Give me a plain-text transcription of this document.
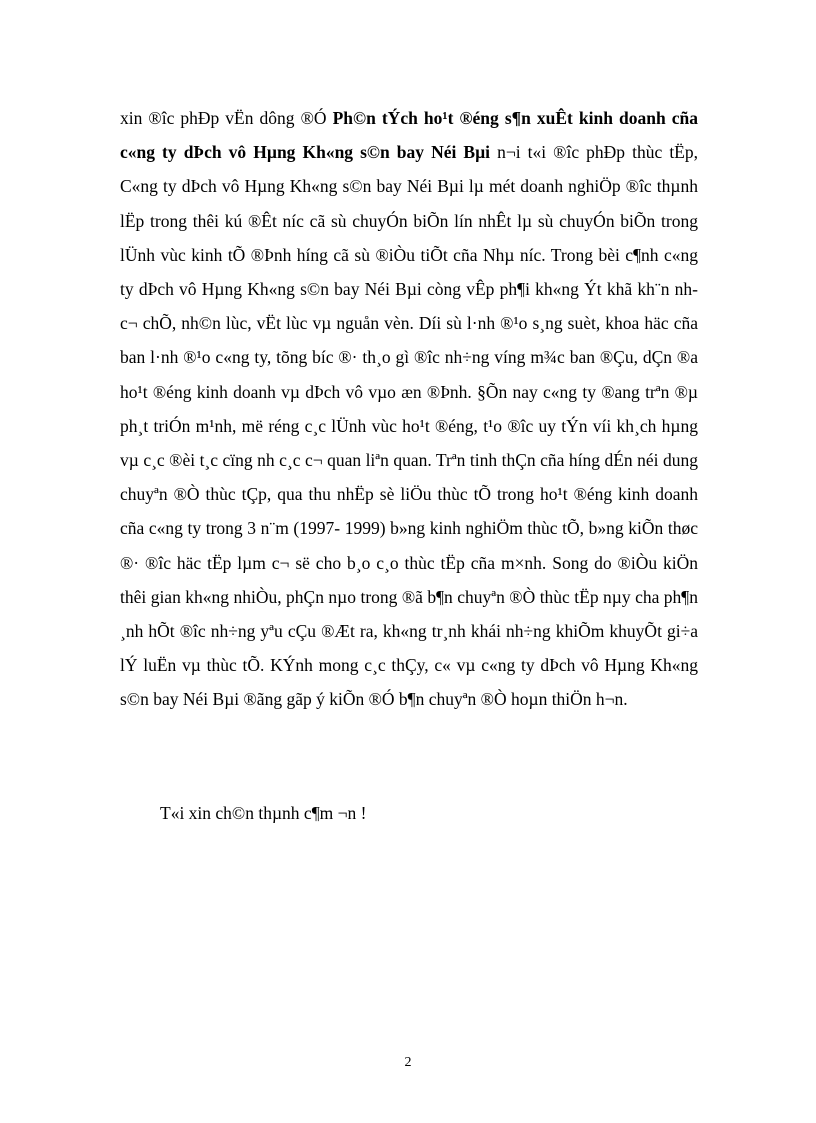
xin ®îc phÐp vËn dông ®Ó Ph©n tÝch ho¹t ®éng s¶n xuÊt kinh doanh cña c«ng ty dÞch vô Hµng Kh«ng s©n bay Néi Bµi n¬i t«i ®îc phÐp thùc tËp, C«ng ty dÞch vô Hµng Kh«ng s©n bay Néi Bµi lµ mét doanh nghiÖp ®îc thµnh lËp trong thêi kú ®Êt níc cã sù chuyÓn biÕn lín nhÊt lµ sù chuyÓn biÕn trong lÜnh vùc kinh tÕ ®Þnh híng cã sù ®iÒu tiÕt cña Nhµ níc. Trong bèi c¶nh c«ng ty dÞch vô Hµng Kh«ng s©n bay Néi Bµi còng vÊp ph¶i kh«ng Ýt khã kh¨n nh c¬ chÕ, nh©n lùc, vËt lùc vµ nguån vèn. Díi sù l·nh ®¹o s¸ng suèt, khoa häc cña ban l·nh ®¹o c«ng ty, tõng bíc ®· th¸o gì ®îc nh÷ng víng m¾c ban ®Çu, dÇn ®a ho¹t ®éng kinh doanh vµ dÞch vô vµo æn ®Þnh. §Õn nay c«ng ty ®ang trªn ®µ ph¸t triÓn m¹nh, më réng c¸c lÜnh vùc ho¹t ®éng, t¹o ®îc uy tÝn víi kh¸ch hµng vµ c¸c ®èi t¸c cïng nh c¸c c¬ quan liªn quan. Trªn tinh thÇn cña híng dÉn néi dung chuyªn ®Ò thùc tÇp, qua thu nhËp sè liÖu thùc tÕ trong ho¹t ®éng kinh doanh cña c«ng ty trong 3 n¨m (1997- 1999) b»ng kinh nghiÖm thùc tÕ, b»ng kiÕn thøc ®· ®îc häc tËp lµm c¬ së cho b¸o c¸o thùc tËp cña m×nh. Song do ®iÒu kiÖn thêi gian kh«ng nhiÒu, phÇn nµo trong ®ã b¶n chuyªn ®Ò thùc tËp nµy cha ph¶n ¸nh hÕt ®îc nh÷ng yªu cÇu ®Æt ra, kh«ng tr¸nh khái nh÷ng khiÕm khuyÕt gi÷a lÝ luËn vµ thùc tÕ. KÝnh mong c¸c thÇy, c« vµ c«ng ty dÞch vô Hµng Kh«ng s©n bay Néi Bµi ®ãng gãp ý kiÕn ®Ó b¶n chuyªn ®Ò hoµn thiÖn h¬n.

T«i xin ch©n thµnh c¶m ¬n !

2
